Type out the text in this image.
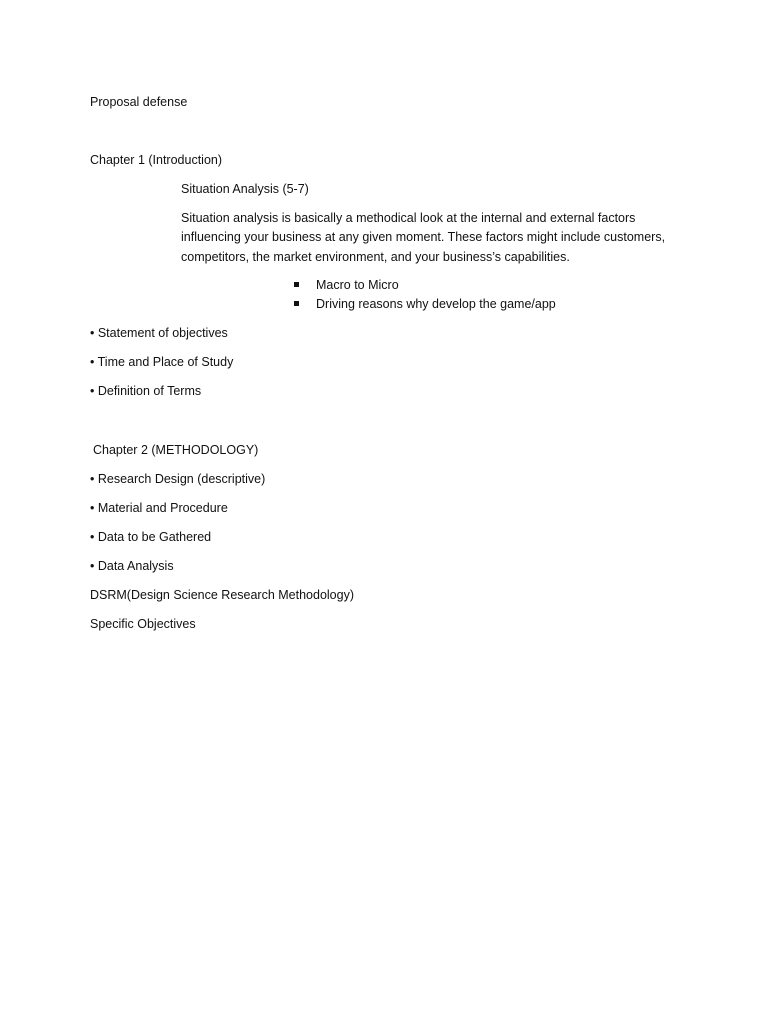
Proposal defense
Chapter 1 (Introduction)
Situation Analysis (5-7)
Situation analysis is basically a methodical look at the internal and external factors influencing your business at any given moment. These factors might include customers, competitors, the market environment, and your business’s capabilities.
Macro to Micro
Driving reasons why develop the game/app
• Statement of objectives
• Time and Place of Study
• Definition of Terms
Chapter 2 (METHODOLOGY)
• Research Design (descriptive)
• Material and Procedure
• Data to be Gathered
• Data Analysis
DSRM(Design Science Research Methodology)
Specific Objectives
